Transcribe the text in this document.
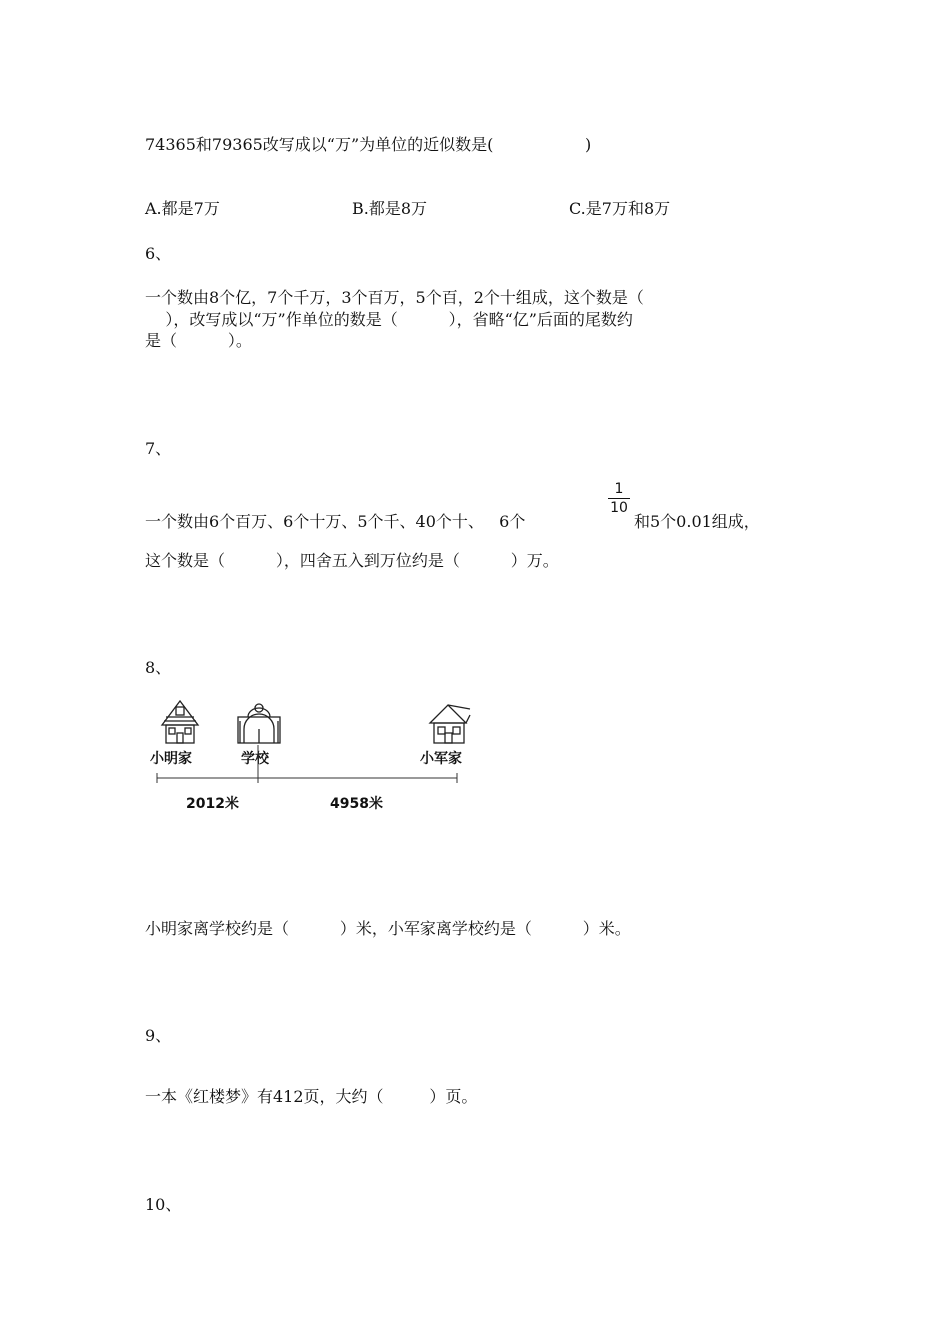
74365和79365改写成以“万”为单位的近似数是(                  )
A.都是7万	B.都是8万	C.是7万和8万
6、
一个数由8个亿，7个千万，3个百万，5个百，2个十组成，这个数是（
），改写成以“万”作单位的数是（          ），省略“亿”后面的尾数约
是（          ）。
7、
一个数由6个百万、6个十万、5个千、40个十、   6个
1
10
和5个0.01组成，
这个数是（          ），四舍五入到万位约是（          ）万。
8、
小明家	学校	小军家
2012米	4958米
小明家离学校约是（          ）米，小军家离学校约是（          ）米。
9、
一本《红楼梦》有412页，大约（         ）页。
10、
